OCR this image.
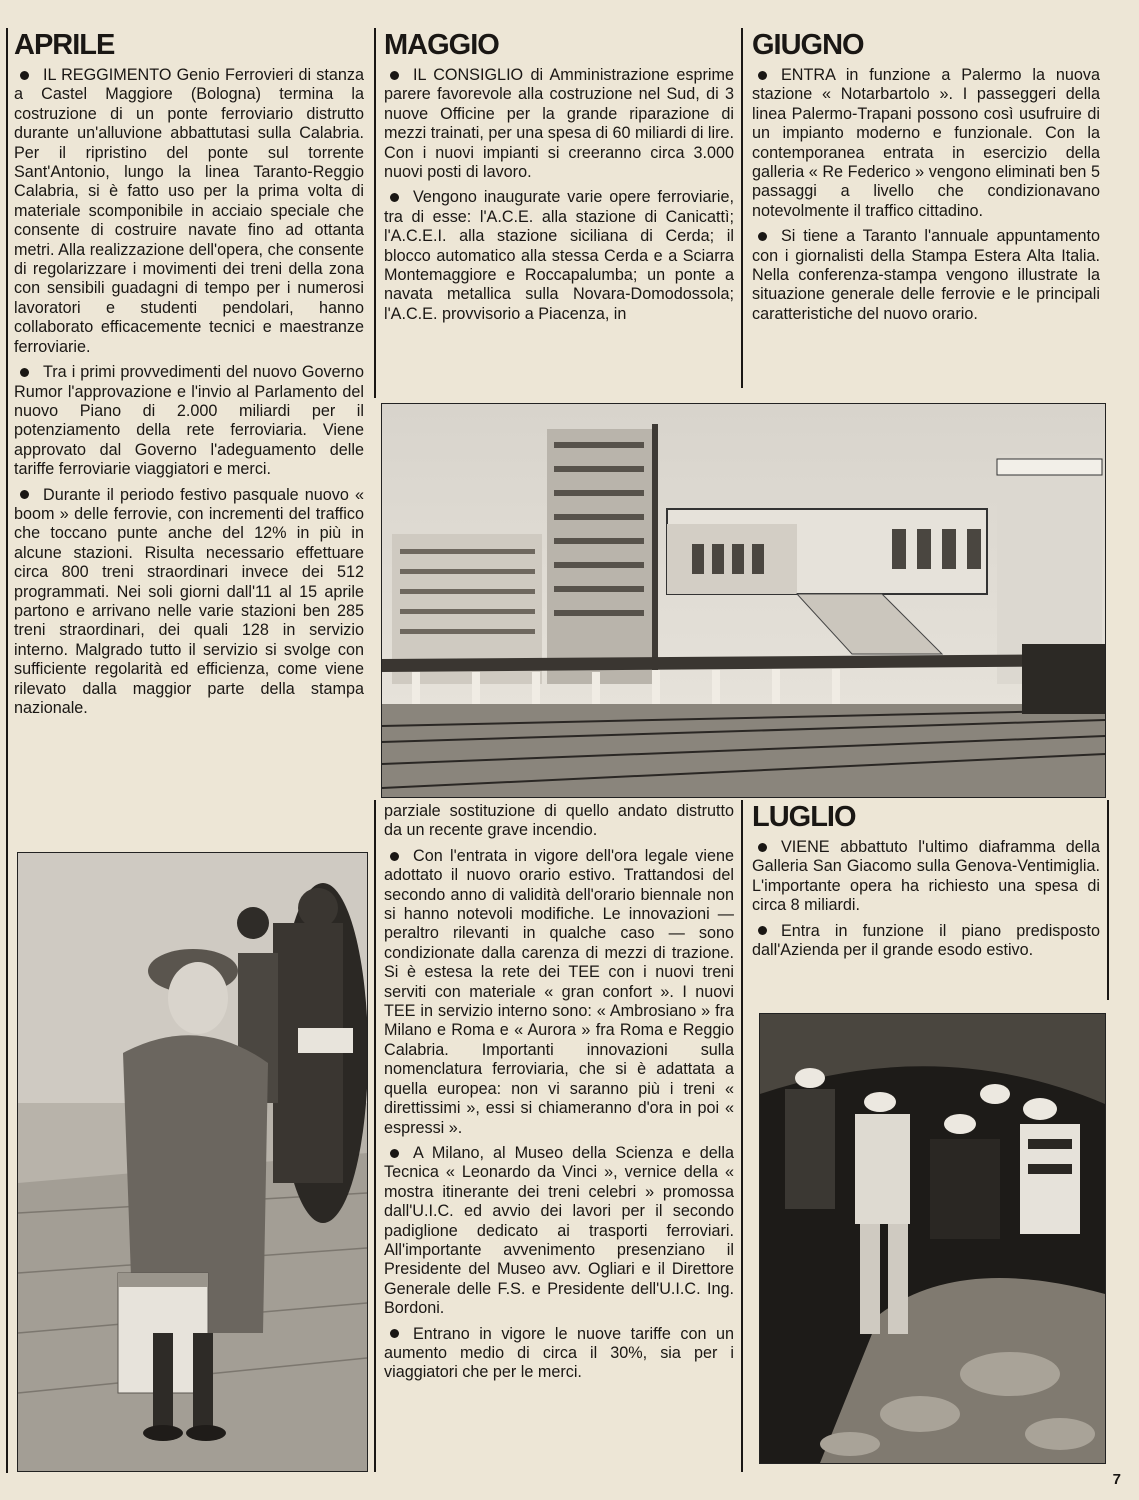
APRILE

IL REGGIMENTO Genio Ferrovieri di stanza a Castel Maggiore (Bologna) termina la costruzione di un ponte ferroviario distrutto durante un'alluvione abbattutasi sulla Calabria. Per il ripristino del ponte sul torrente Sant'Antonio, lungo la linea Taranto-Reggio Calabria, si è fatto uso per la prima volta di materiale scomponibile in acciaio speciale che consente di costruire navate fino ad ottanta metri. Alla realizzazione dell'opera, che consente di regolarizzare i movimenti dei treni della zona con sensibili guadagni di tempo per i numerosi lavoratori e studenti pendolari, hanno collaborato efficacemente tecnici e maestranze ferroviarie.

Tra i primi provvedimenti del nuovo Governo Rumor l'approvazione e l'invio al Parlamento del nuovo Piano di 2.000 miliardi per il potenziamento della rete ferroviaria. Viene approvato dal Governo l'adeguamento delle tariffe ferroviarie viaggiatori e merci.

Durante il periodo festivo pasquale nuovo « boom » delle ferrovie, con incrementi del traffico che toccano punte anche del 12% in più in alcune stazioni. Risulta necessario effettuare circa 800 treni straordinari invece dei 512 programmati. Nei soli giorni dall'11 al 15 aprile partono e arrivano nelle varie stazioni ben 285 treni straordinari, dei quali 128 in servizio interno. Malgrado tutto il servizio si svolge con sufficiente regolarità ed efficienza, come viene rilevato dalla maggior parte della stampa nazionale.

MAGGIO

IL CONSIGLIO di Amministrazione esprime parere favorevole alla costruzione nel Sud, di 3 nuove Officine per la grande riparazione di mezzi trainati, per una spesa di 60 miliardi di lire. Con i nuovi impianti si creeranno circa 3.000 nuovi posti di lavoro.

Vengono inaugurate varie opere ferroviarie, tra di esse: l'A.C.E. alla stazione di Canicattì; l'A.C.E.I. alla stazione siciliana di Cerda; il blocco automatico alla stessa Cerda e a Sciarra Montemaggiore e Roccapalumba; un ponte a navata metallica sulla Novara-Domodossola; l'A.C.E. provvisorio a Piacenza, in

GIUGNO

ENTRA in funzione a Palermo la nuova stazione « Notarbartolo ». I passeggeri della linea Palermo-Trapani possono così usufruire di un impianto moderno e funzionale. Con la contemporanea entrata in esercizio della galleria « Re Federico » vengono eliminati ben 5 passaggi a livello che condizionavano notevolmente il traffico cittadino.

Si tiene a Taranto l'annuale appuntamento con i giornalisti della Stampa Estera Alta Italia. Nella conferenza-stampa vengono illustrate la situazione generale delle ferrovie e le principali caratteristiche del nuovo orario.

parziale sostituzione di quello andato distrutto da un recente grave incendio.

Con l'entrata in vigore dell'ora legale viene adottato il nuovo orario estivo. Trattandosi del secondo anno di validità dell'orario biennale non si hanno notevoli modifiche. Le innovazioni — peraltro rilevanti in qualche caso — sono condizionate dalla carenza di mezzi di trazione. Si è estesa la rete dei TEE con i nuovi treni serviti con materiale « gran confort ». I nuovi TEE in servizio interno sono: « Ambrosiano » fra Milano e Roma e « Aurora » fra Roma e Reggio Calabria. Importanti innovazioni sulla nomenclatura ferroviaria, che si è adattata a quella europea: non vi saranno più i treni « direttissimi », essi si chiameranno d'ora in poi « espressi ».

A Milano, al Museo della Scienza e della Tecnica « Leonardo da Vinci », vernice della « mostra itinerante dei treni celebri » promossa dall'U.I.C. ed avvio dei lavori per il secondo padiglione dedicato ai trasporti ferroviari. All'importante avvenimento presenziano il Presidente del Museo avv. Ogliari e il Direttore Generale delle F.S. e Presidente dell'U.I.C. Ing. Bordoni.

Entrano in vigore le nuove tariffe con un aumento medio di circa il 30%, sia per i viaggiatori che per le merci.

LUGLIO

VIENE abbattuto l'ultimo diaframma della Galleria San Giacomo sulla Genova-Ventimiglia. L'importante opera ha richiesto una spesa di circa 8 miliardi.

Entra in funzione il piano predisposto dall'Azienda per il grande esodo estivo.

7
